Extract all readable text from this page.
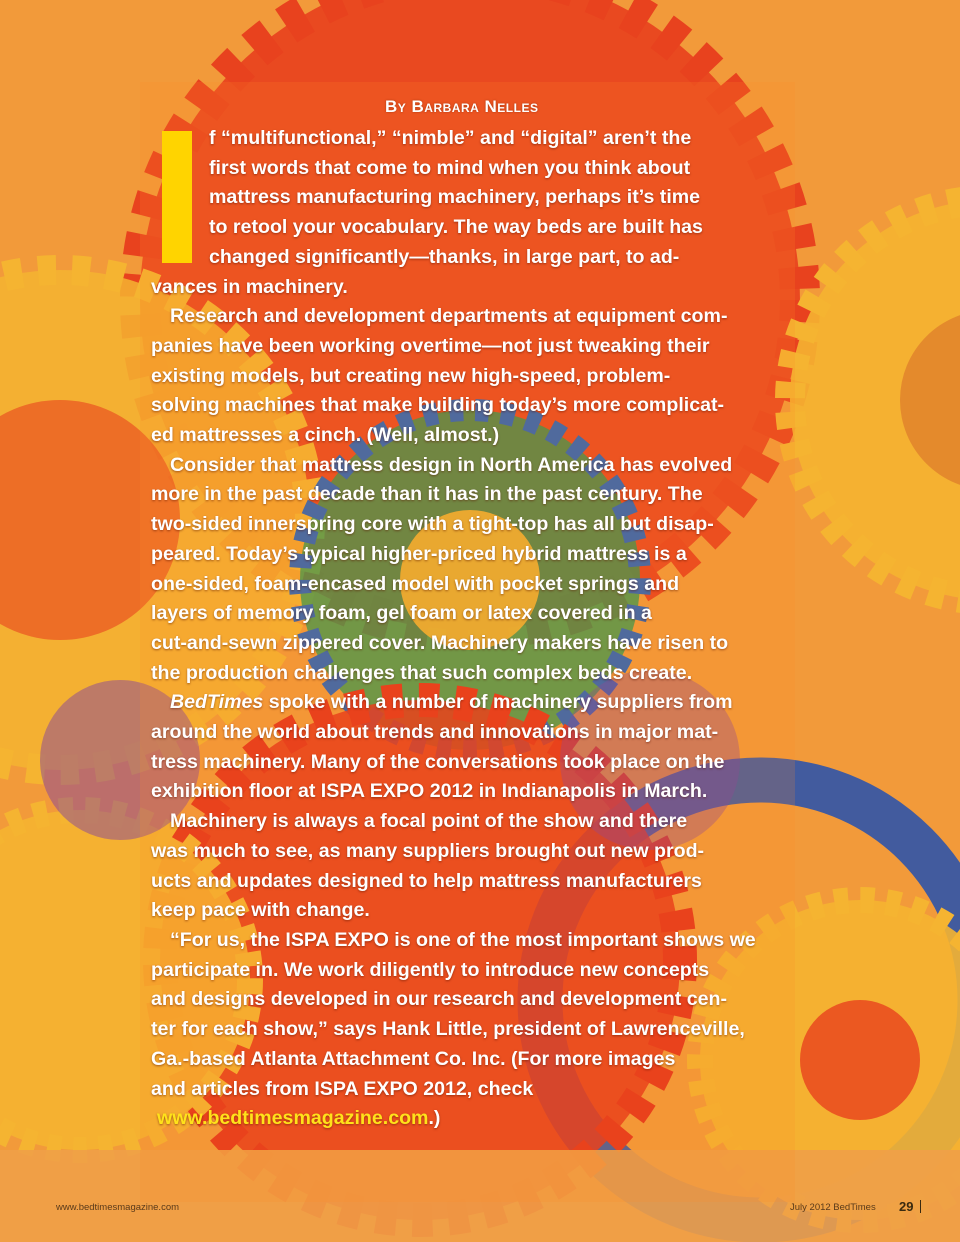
By Barbara Nelles
f “multifunctional,” “nimble” and “digital” aren’t the
first words that come to mind when you think about
mattress manufacturing machinery, perhaps it’s time
to retool your vocabulary. The way beds are built has
changed significantly—thanks, in large part, to ad-
vances in machinery.
Research and development departments at equipment com-
panies have been working overtime—not just tweaking their
existing models, but creating new high-speed, problem-
solving machines that make building today’s more complicat-
ed mattresses a cinch. (Well, almost.)
Consider that mattress design in North America has evolved
more in the past decade than it has in the past century. The
two-sided innerspring core with a tight-top has all but disap-
peared. Today’s typical higher-priced hybrid mattress is a
one-sided, foam-encased model with pocket springs and
layers of memory foam, gel foam or latex covered in a
cut-and-sewn zippered cover. Machinery makers have risen to
the production challenges that such complex beds create.
BedTimes spoke with a number of machinery suppliers from
around the world about trends and innovations in major mat-
tress machinery. Many of the conversations took place on the
exhibition floor at ISPA EXPO 2012 in Indianapolis in March.
Machinery is always a focal point of the show and there
was much to see, as many suppliers brought out new prod-
ucts and updates designed to help mattress manufacturers
keep pace with change.
“For us, the ISPA EXPO is one of the most important shows we
participate in. We work diligently to introduce new concepts
and designs developed in our research and development cen-
ter for each show,” says Hank Little, president of Lawrenceville,
Ga.-based Atlanta Attachment Co. Inc. (For more images
and articles from ISPA EXPO 2012, check
www.bedtimesmagazine.com.)
www.bedtimesmagazine.com	July 2012 BedTimes 29
